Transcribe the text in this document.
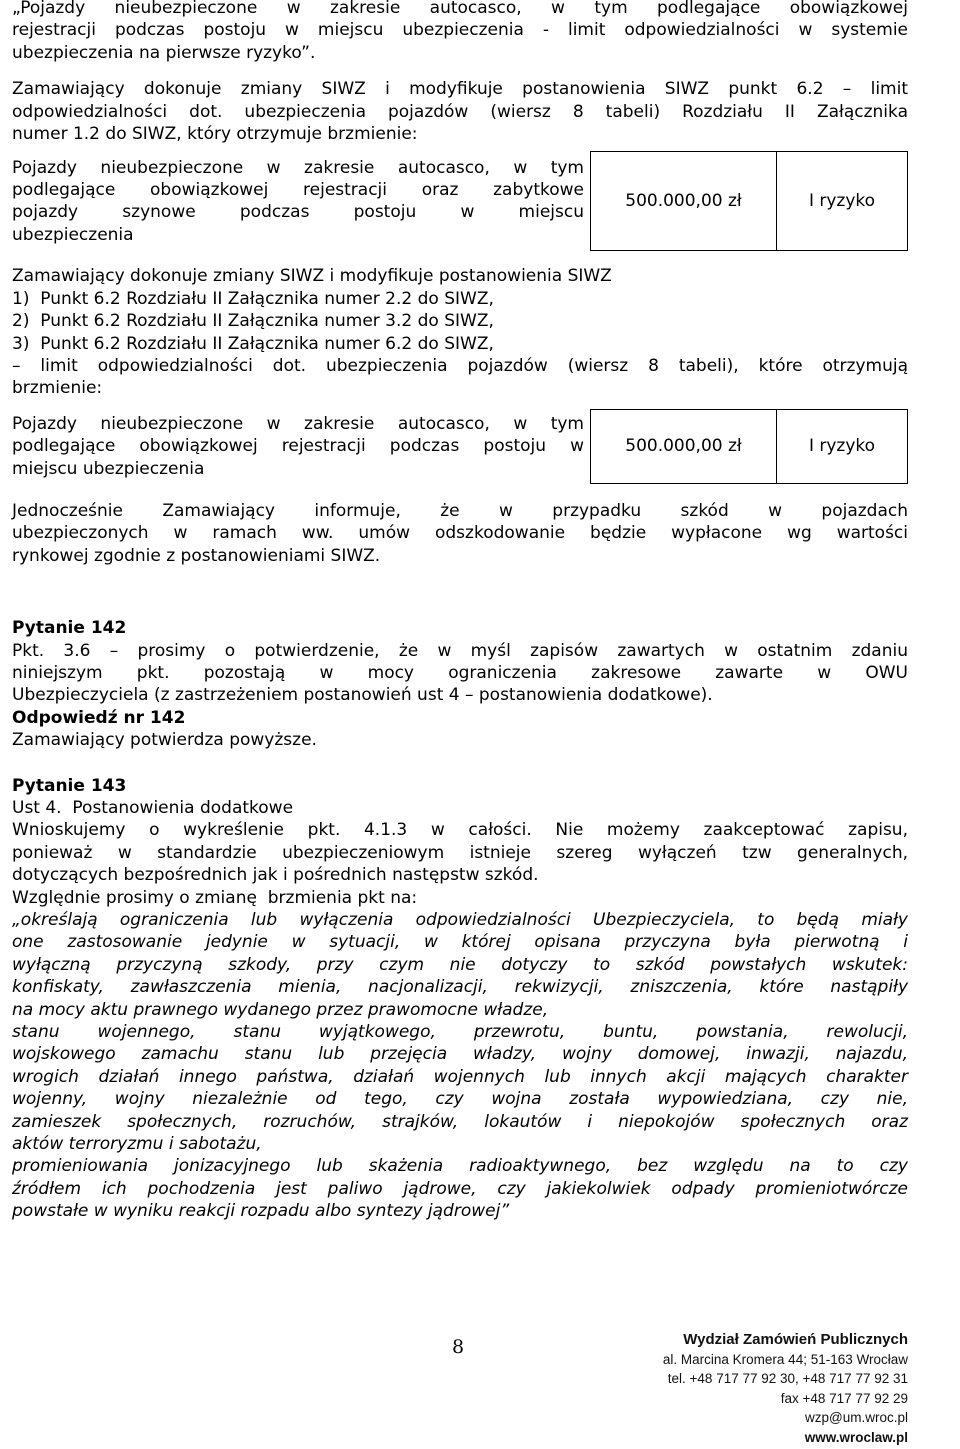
„Pojazdy nieubezpieczone w zakresie autocasco, w tym podlegające obowiązkowej

rejestracji podczas postoju w miejscu ubezpieczenia - limit odpowiedzialności w systemie

ubezpieczenia na pierwsze ryzyko”.

Zamawiający dokonuje zmiany SIWZ i modyfikuje postanowienia SIWZ punkt 6.2 – limit

odpowiedzialności dot. ubezpieczenia pojazdów (wiersz 8 tabeli) Rozdziału II Załącznika

numer 1.2 do SIWZ, który otrzymuje brzmienie:

Pojazdy nieubezpieczone w zakresie autocasco, w tym
podlegające obowiązkowej rejestracji oraz zabytkowe
pojazdy szynowe podczas postoju w miejscu
ubezpieczenia
	500.000,00 zł	I ryzyko

Zamawiający dokonuje zmiany SIWZ i modyfikuje postanowienia SIWZ

1)  Punkt 6.2 Rozdziału II Załącznika numer 2.2 do SIWZ,
2)  Punkt 6.2 Rozdziału II Załącznika numer 3.2 do SIWZ,
3)  Punkt 6.2 Rozdziału II Załącznika numer 6.2 do SIWZ,

– limit odpowiedzialności dot. ubezpieczenia pojazdów (wiersz 8 tabeli), które otrzymują

brzmienie:

Pojazdy nieubezpieczone w zakresie autocasco, w tym
podlegające obowiązkowej rejestracji podczas postoju w
miejscu ubezpieczenia
	500.000,00 zł	I ryzyko

Jednocześnie Zamawiający informuje, że w przypadku szkód w pojazdach

ubezpieczonych w ramach ww. umów odszkodowanie będzie wypłacone wg wartości

rynkowej zgodnie z postanowieniami SIWZ.

Pytanie 142

Pkt. 3.6 – prosimy o potwierdzenie, że w myśl zapisów zawartych w ostatnim zdaniu

niniejszym pkt. pozostają w mocy ograniczenia zakresowe zawarte w OWU

Ubezpieczyciela (z zastrzeżeniem postanowień ust 4 – postanowienia dodatkowe).

Odpowiedź nr 142

Zamawiający potwierdza powyższe.

Pytanie 143

Ust 4.  Postanowienia dodatkowe

Wnioskujemy o wykreślenie pkt. 4.1.3 w całości. Nie możemy zaakceptować zapisu,

ponieważ w standardzie ubezpieczeniowym istnieje szereg wyłączeń tzw generalnych,

dotyczących bezpośrednich jak i pośrednich następstw szkód.

Względnie prosimy o zmianę  brzmienia pkt na:

„określają ograniczenia lub wyłączenia odpowiedzialności Ubezpieczyciela, to będą miały

one zastosowanie jedynie w sytuacji, w której opisana przyczyna była pierwotną i

wyłączną przyczyną szkody, przy czym nie dotyczy to szkód powstałych wskutek:

konfiskaty, zawłaszczenia mienia, nacjonalizacji, rekwizycji, zniszczenia, które nastąpiły

na mocy aktu prawnego wydanego przez prawomocne władze,

stanu wojennego, stanu wyjątkowego, przewrotu, buntu, powstania, rewolucji,

wojskowego zamachu stanu lub przejęcia władzy, wojny domowej, inwazji, najazdu,

wrogich działań innego państwa, działań wojennych lub innych akcji mających charakter

wojenny, wojny niezależnie od tego, czy wojna została wypowiedziana, czy nie,

zamieszek społecznych, rozruchów, strajków, lokautów i niepokojów społecznych oraz

aktów terroryzmu i sabotażu,

promieniowania jonizacyjnego lub skażenia radioaktywnego, bez względu na to czy

źródłem ich pochodzenia jest paliwo jądrowe, czy jakiekolwiek odpady promieniotwórcze

powstałe w wyniku reakcji rozpadu albo syntezy jądrowej”

8	Wydział Zamówień Publicznych
al. Marcina Kromera 44; 51-163 Wrocław
tel. +48 717 77 92 30, +48 717 77 92 31
fax +48 717 77 92 29
wzp@um.wroc.pl
www.wroclaw.pl
